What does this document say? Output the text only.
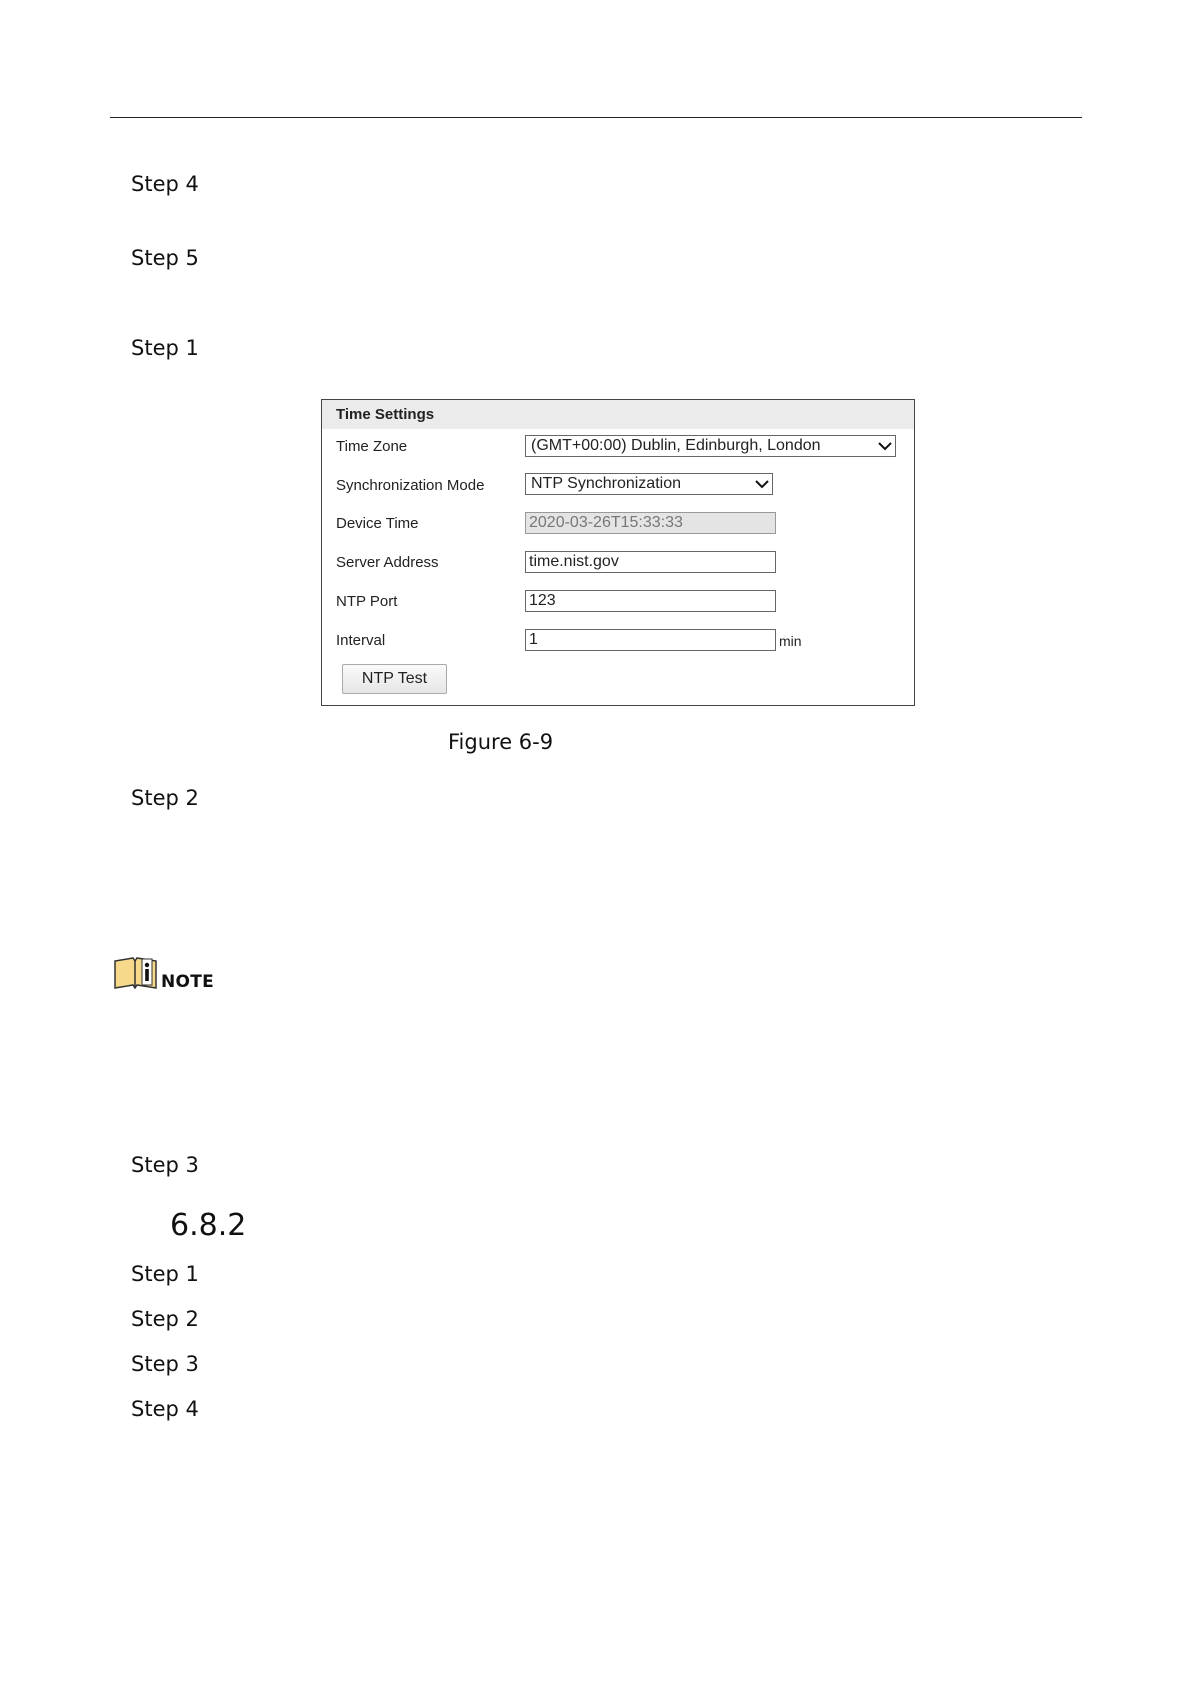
Step 4
Step 5
Step 1
Time Settings
Time Zone	(GMT+00:00) Dublin, Edinburgh, London
Synchronization Mode	NTP Synchronization
Device Time	2020-03-26T15:33:33
Server Address	time.nist.gov
NTP Port	123
Interval	1	min
NTP Test
Figure 6-9
Step 2
NOTE
Step 3
6.8.2
Step 1
Step 2
Step 3
Step 4
